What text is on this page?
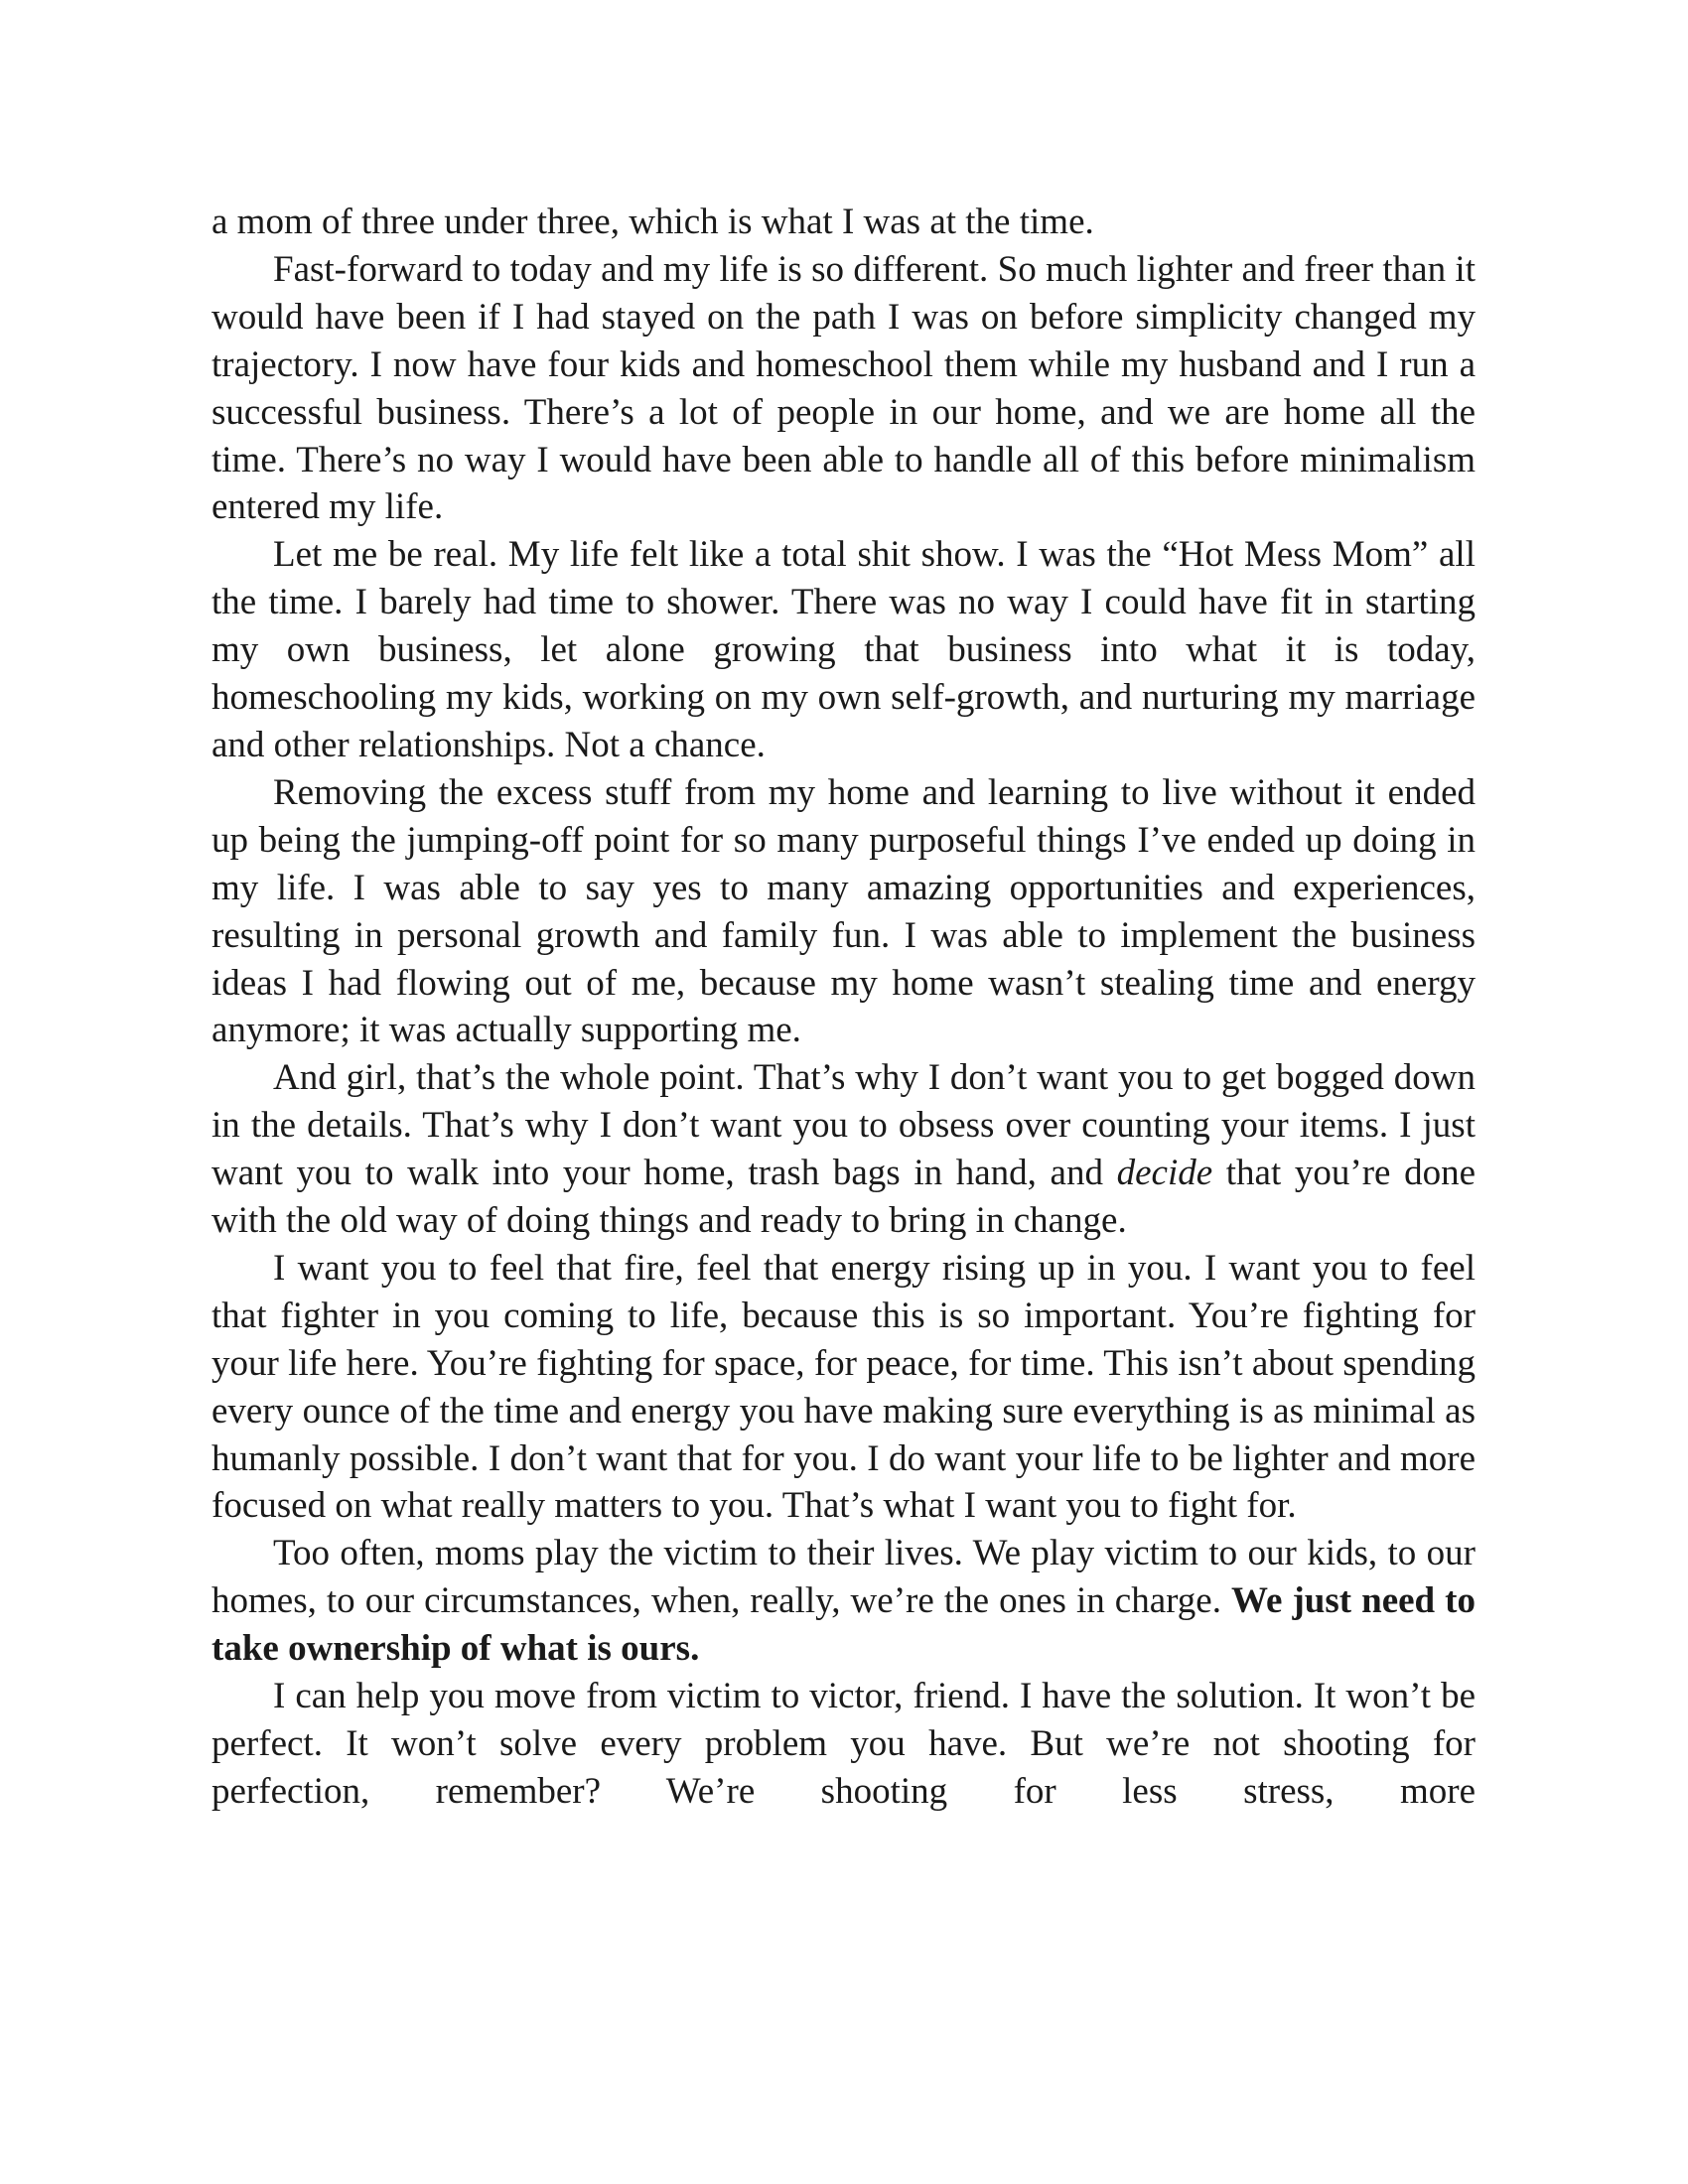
a mom of three under three, which is what I was at the time.

Fast-forward to today and my life is so different. So much lighter and freer than it would have been if I had stayed on the path I was on before simplicity changed my trajectory. I now have four kids and homeschool them while my husband and I run a successful business. There’s a lot of people in our home, and we are home all the time. There’s no way I would have been able to handle all of this before minimalism entered my life.

Let me be real. My life felt like a total shit show. I was the “Hot Mess Mom” all the time. I barely had time to shower. There was no way I could have fit in starting my own business, let alone growing that business into what it is today, homeschooling my kids, working on my own self-growth, and nurturing my marriage and other relationships. Not a chance.

Removing the excess stuff from my home and learning to live without it ended up being the jumping-off point for so many purposeful things I’ve ended up doing in my life. I was able to say yes to many amazing opportunities and experiences, resulting in personal growth and family fun. I was able to implement the business ideas I had flowing out of me, because my home wasn’t stealing time and energy anymore; it was actually supporting me.

And girl, that’s the whole point. That’s why I don’t want you to get bogged down in the details. That’s why I don’t want you to obsess over counting your items. I just want you to walk into your home, trash bags in hand, and decide that you’re done with the old way of doing things and ready to bring in change.

I want you to feel that fire, feel that energy rising up in you. I want you to feel that fighter in you coming to life, because this is so important. You’re fighting for your life here. You’re fighting for space, for peace, for time. This isn’t about spending every ounce of the time and energy you have making sure everything is as minimal as humanly possible. I don’t want that for you. I do want your life to be lighter and more focused on what really matters to you. That’s what I want you to fight for.

Too often, moms play the victim to their lives. We play victim to our kids, to our homes, to our circumstances, when, really, we’re the ones in charge. We just need to take ownership of what is ours.

I can help you move from victim to victor, friend. I have the solution. It won’t be perfect. It won’t solve every problem you have. But we’re not shooting for perfection, remember? We’re shooting for less stress, more
